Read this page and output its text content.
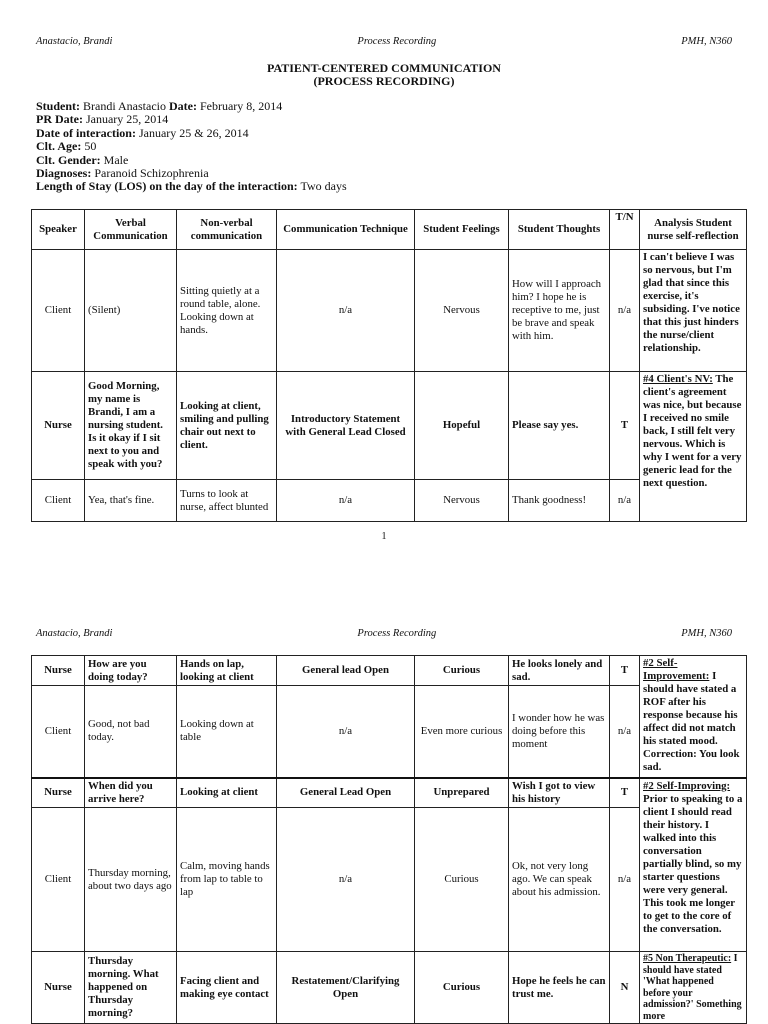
Anastacio, Brandi	Process Recording	PMH, N360
PATIENT-CENTERED COMMUNICATION
(PROCESS RECORDING)
Student: Brandi Anastacio Date: February 8, 2014
PR Date: January 25, 2014
Date of interaction: January 25 & 26, 2014
Clt. Age: 50
Clt. Gender: Male
Diagnoses: Paranoid Schizophrenia
Length of Stay (LOS) on the day of the interaction: Two days
Speaker	Verbal Communication	Non-verbal communication	Communication Technique	Student Feelings	Student Thoughts	T/N	Analysis Student nurse self-reflection
Client	(Silent)	Sitting quietly at a round table, alone. Looking down at hands.	n/a	Nervous	How will I approach him? I hope he is receptive to me, just be brave and speak with him.	n/a	I can't believe I was so nervous, but I'm glad that since this exercise, it's subsiding. I've notice that this just hinders the nurse/client relationship.
Nurse	Good Morning, my name is Brandi, I am a nursing student. Is it okay if I sit next to you and speak with you?	Looking at client, smiling and pulling chair out next to client.	Introductory Statement with General Lead Closed	Hopeful	Please say yes.	T	#4 Client's NV: The client's agreement was nice, but because I received no smile back, I still felt very nervous. Which is why I went for a very generic lead for the next question.
Client	Yea, that's fine.	Turns to look at nurse, affect blunted	n/a	Nervous	Thank goodness!	n/a	
1
Anastacio, Brandi	Process Recording	PMH, N360
Nurse	How are you doing today?	Hands on lap, looking at client	General lead Open	Curious	He looks lonely and sad.	T	#2 Self-Improvement: I should have stated a ROF after his response because his affect did not match his stated mood. Correction: You look sad.
Client	Good, not bad today.	Looking down at table	n/a	Even more curious	I wonder how he was doing before this moment	n/a	
Nurse	When did you arrive here?	Looking at client	General Lead Open	Unprepared	Wish I got to view his history	T	#2 Self-Improving: Prior to speaking to a client I should read their history. I walked into this conversation partially blind, so my starter questions were very general. This took me longer to get to the core of the conversation.
Client	Thursday morning, about two days ago	Calm, moving hands from lap to table to lap	n/a	Curious	Ok, not very long ago. We can speak about his admission.	n/a	
Nurse	Thursday morning. What happened on Thursday morning?	Facing client and making eye contact	Restatement/Clarifying Open	Curious	Hope he feels he can trust me.	N	#5 Non Therapeutic: I should have stated 'What happened before your admission?' Something more
